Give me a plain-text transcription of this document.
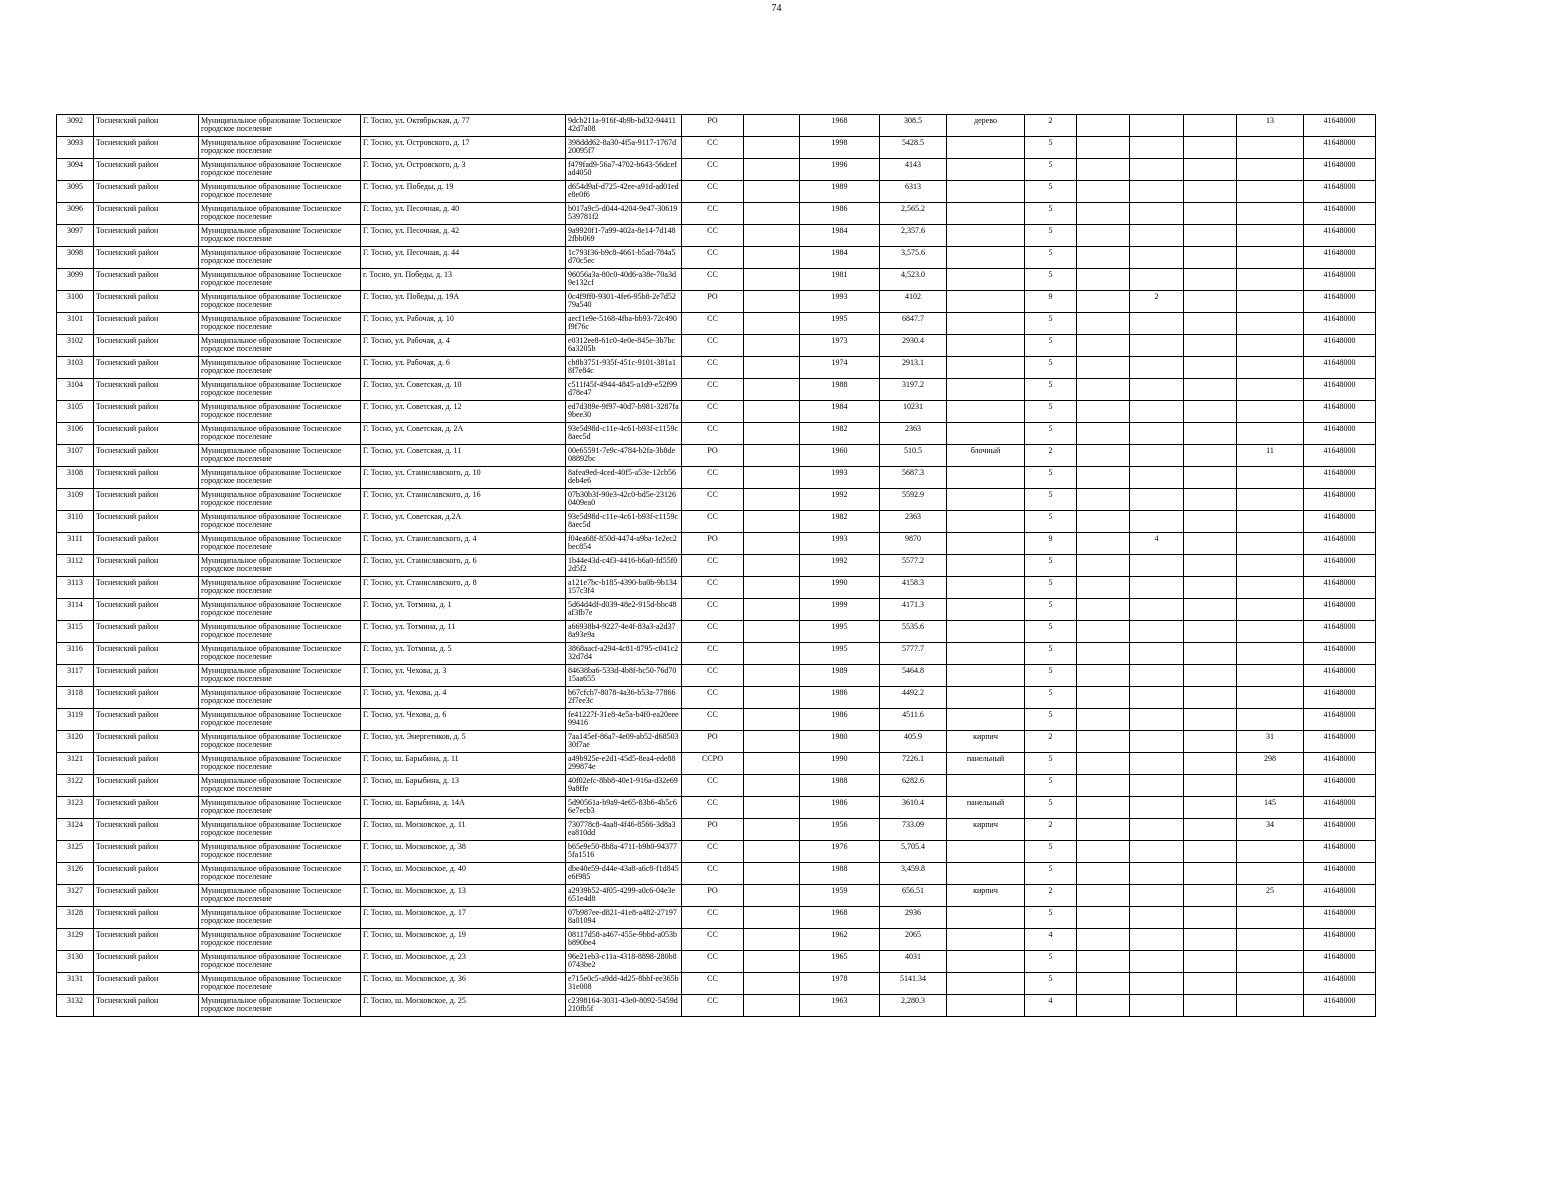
74
3092	Тосненский район	Муниципальное образование Тосненское городское поселение	Г. Тосно, ул. Октябрьская, д. 77	9dcb211a-916f-4b9b-bd32-9441142d7a08	РО		1968	308.5	дерево	2				13	41648000
3093	Тосненский район	Муниципальное образование Тосненское городское поселение	Г. Тосно, ул. Островского, д. 17	398ddd62-8a30-4f5a-9117-1767d20095f7	СС		1998	5428.5		5					41648000
3094	Тосненский район	Муниципальное образование Тосненское городское поселение	Г. Тосно, ул. Островского, д. 3	f479fad9-56a7-4702-b643-56dcefad4050	СС		1996	4143		5					41648000
3095	Тосненский район	Муниципальное образование Тосненское городское поселение	Г. Тосно, ул. Победы, д. 19	d654d9af-d725-42ee-a91d-ad01ede8e0f6	СС		1989	6313		5					41648000
3096	Тосненский район	Муниципальное образование Тосненское городское поселение	Г. Тосно, ул. Песочная, д. 40	b017a9c5-d044-4204-9e47-30619539781f2	СС		1986	2,565.2		5					41648000
3097	Тосненский район	Муниципальное образование Тосненское городское поселение	Г. Тосно, ул. Песочная, д. 42	9a9920f1-7a99-402a-8e14-7d1482fbb069	СС		1984	2,357.6		5					41648000
3098	Тосненский район	Муниципальное образование Тосненское городское поселение	Г. Тосно, ул. Песочная, д. 44	1c793f36-b9c8-4661-b5ad-784a5d70c5ec	СС		1984	3,575.6		5					41648000
3099	Тосненский район	Муниципальное образование Тосненское городское поселение	г. Тосно, ул. Победы, д. 13	96056a3a-80c0-40d6-a38e-70a3d9e132cf	СС		1981	4,523.0		5					41648000
3100	Тосненский район	Муниципальное образование Тосненское городское поселение	Г. Тосно, ул. Победы, д. 19А	0c4f9ff0-9301-4fe6-95b8-2e7d5279a540	РО		1993	4102		9		2			41648000
3101	Тосненский район	Муниципальное образование Тосненское городское поселение	Г. Тосно, ул. Рабочая, д. 10	aecf1e9e-5168-4fba-bb93-72c490f9f76c	СС		1995	6847.7		5					41648000
3102	Тосненский район	Муниципальное образование Тосненское городское поселение	Г. Тосно, ул. Рабочая, д. 4	e0312ee8-61c0-4e0e-845e-3b7bc6a3205b	СС		1973	2930.4		5					41648000
3103	Тосненский район	Муниципальное образование Тосненское городское поселение	Г. Тосно, ул. Рабочая, д. 6	cb8b3751-935f-451c-9101-381a18f7e84c	СС		1974	2913.1		5					41648000
3104	Тосненский район	Муниципальное образование Тосненское городское поселение	Г. Тосно, ул. Советская, д. 10	c511f45f-4944-4845-a1d9-e52f99d78e47	СС		1988	3197.2		5					41648000
3105	Тосненский район	Муниципальное образование Тосненское городское поселение	Г. Тосно, ул. Советская, д. 12	ed7d389e-9f97-40d7-b981-3287fa9bee30	СС		1984	10231		5					41648000
3106	Тосненский район	Муниципальное образование Тосненское городское поселение	Г. Тосно, ул. Советская, д. 2А	93e5d98d-c11e-4c61-b93f-c1159c8aec5d	СС		1982	2363		5					41648000
3107	Тосненский район	Муниципальное образование Тосненское городское поселение	Г. Тосно, ул. Советская, д. 11	00e65591-7e9c-4784-b2fa-3b8de08892bc	РО		1960	510.5	блочный	2				11	41648000
3108	Тосненский район	Муниципальное образование Тосненское городское поселение	Г. Тосно, ул. Станиславского, д. 10	8afea9ed-4ced-40f5-a53e-12cb56deb4e6	СС		1993	5687.3		5					41648000
3109	Тосненский район	Муниципальное образование Тосненское городское поселение	Г. Тосно, ул. Станиславского, д. 16	07b30b3f-90e3-42c0-bd5e-231260409ea0	СС		1992	5592.9		5					41648000
3110	Тосненский район	Муниципальное образование Тосненское городское поселение	Г. Тосно, ул. Советская, д.2А	93e5d98d-c11e-4c61-b93f-c1159c8aec5d	СС		1982	2363		5					41648000
3111	Тосненский район	Муниципальное образование Тосненское городское поселение	Г. Тосно, ул. Станиславского, д. 4	f04ea68f-850d-4474-a9ba-1e2ec2bec854	РО		1993	9870		9		4			41648000
3112	Тосненский район	Муниципальное образование Тосненское городское поселение	Г. Тосно, ул. Станиславского, д. 6	1b44e43d-c4f3-4416-b6a0-fd55f02d5f2	СС		1992	5577.2		5					41648000
3113	Тосненский район	Муниципальное образование Тосненское городское поселение	Г. Тосно, ул. Станиславского, д. 8	a121e7bc-b185-4390-ba0b-9b134157c3f4	СС		1990	4158.3		5					41648000
3114	Тосненский район	Муниципальное образование Тосненское городское поселение	Г. Тосно, ул. Тотмина, д. 1	5d64d4df-d039-48e2-915d-bbc48af3fb7e	СС		1999	4171.3		5					41648000
3115	Тосненский район	Муниципальное образование Тосненское городское поселение	Г. Тосно, ул. Тотмина, д. 11	a66938b4-9227-4e4f-83a3-a2d378a93e9a	СС		1995	5535.6		5					41648000
3116	Тосненский район	Муниципальное образование Тосненское городское поселение	Г. Тосно, ул. Тотмина, д. 5	3868aacf-a294-4c81-8795-c041c232d7d4	СС		1995	5777.7		5					41648000
3117	Тосненский район	Муниципальное образование Тосненское городское поселение	Г. Тосно, ул. Чехова, д. 3	84638ba6-533d-4b8f-bc50-76d7015aa655	СС		1989	5464.8		5					41648000
3118	Тосненский район	Муниципальное образование Тосненское городское поселение	Г. Тосно, ул. Чехова, д. 4	b67cfcb7-8078-4a36-b53a-778662f7ee3c	СС		1986	4492.2		5					41648000
3119	Тосненский район	Муниципальное образование Тосненское городское поселение	Г. Тосно, ул. Чехова, д. 6	fe41227f-31e8-4e5a-b4f0-ea20eee99416	СС		1986	4511.6		5					41648000
3120	Тосненский район	Муниципальное образование Тосненское городское поселение	Г. Тосно, ул. Энергетиков, д. 5	7aa145ef-86a7-4e09-ab52-d6850330f7ae	РО		1980	405.9	кирпич	2				31	41648000
3121	Тосненский район	Муниципальное образование Тосненское городское поселение	Г. Тосно, ш. Барыбина, д. 11	a49b925e-e2d1-45d5-8ea4-ede88299874e	ССРО		1990	7226.1	панельный	5				298	41648000
3122	Тосненский район	Муниципальное образование Тосненское городское поселение	Г. Тосно, ш. Барыбина, д. 13	40f02efc-8bb8-40e1-916a-d32e699a8ffe	СС		1988	6282.6		5					41648000
3123	Тосненский район	Муниципальное образование Тосненское городское поселение	Г. Тосно, ш. Барыбина, д. 14А	5d90561a-b9a9-4e65-83b6-4b5c66e7ecb3	СС		1986	3610.4	панельный	5				145	41648000
3124	Тосненский район	Муниципальное образование Тосненское городское поселение	Г. Тосно, ш. Московское, д. 11	730778c8-4aa8-4f46-8566-3d8a3ea810dd	РО		1956	733.09	кирпич	2				34	41648000
3125	Тосненский район	Муниципальное образование Тосненское городское поселение	Г. Тосно, ш. Московское, д. 38	b65e9e50-8b8a-4711-b9b0-943775fa1516	СС		1976	5,705.4		5					41648000
3126	Тосненский район	Муниципальное образование Тосненское городское поселение	Г. Тосно, ш. Московское, д. 40	dbe40e59-d44e-43a8-a6c8-f1d845e6f985	СС		1988	3,459.8		5					41648000
3127	Тосненский район	Муниципальное образование Тосненское городское поселение	Г. Тосно, ш. Московское, д. 13	a2939b52-4f05-4299-a0c6-04e3e651e4d8	РО		1959	656.51	кирпич	2				25	41648000
3128	Тосненский район	Муниципальное образование Тосненское городское поселение	Г. Тосно, ш. Московское, д. 17	07b987ee-d821-41e8-a482-271978a01094	СС		1968	2936		5					41648000
3129	Тосненский район	Муниципальное образование Тосненское городское поселение	Г. Тосно, ш. Московское, д. 19	08117d58-a467-455e-9bbd-a053bb890be4	СС		1962	2065		4					41648000
3130	Тосненский район	Муниципальное образование Тосненское городское поселение	Г. Тосно, ш. Московское, д. 23	96e21eb3-c11a-4318-8898-280b80743be2	СС		1965	4031		5					41648000
3131	Тосненский район	Муниципальное образование Тосненское городское поселение	Г. Тосно, ш. Московское, д. 36	e715e0c5-a9dd-4d25-8bbf-ee365b31e008	СС		1978	5141.34		5					41648000
3132	Тосненский район	Муниципальное образование Тосненское городское поселение	Г. Тосно, ш. Московское, д. 25	c2398164-3031-43e0-8092-5459d210fb5f	СС		1963	2,280.3		4					41648000
